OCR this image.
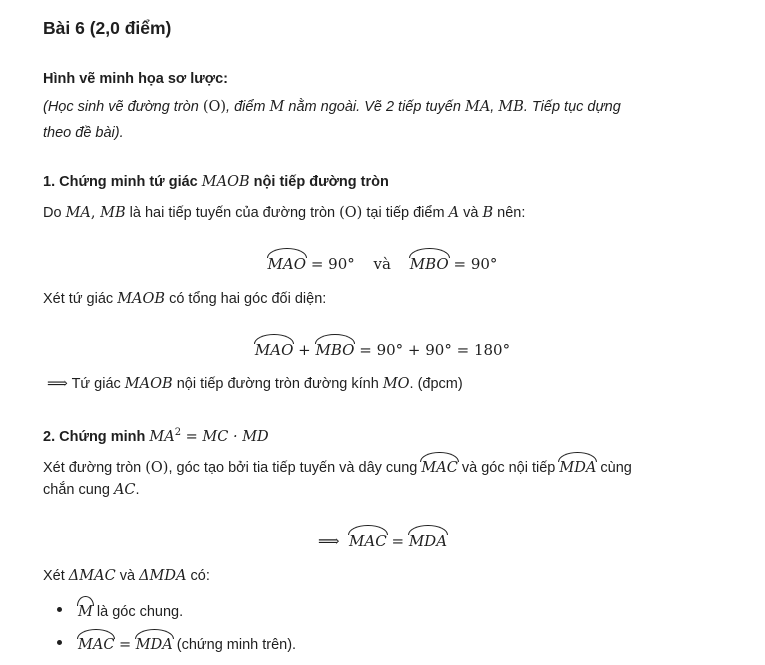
Bài 6 (2,0 điểm)
Hình vẽ minh họa sơ lược:
(Học sinh vẽ đường tròn (O), điểm M nằm ngoài. Vẽ 2 tiếp tuyến MA, MB. Tiếp tục dựng
theo đề bài).
1. Chứng minh tứ giác MAOB nội tiếp đường tròn
Do MA, MB là hai tiếp tuyến của đường tròn (O) tại tiếp điểm A và B nên:
MAO = 90° và MBO = 90°
Xét tứ giác MAOB có tổng hai góc đối diện:
MAO + MBO = 90° + 90° = 180°
⟹ Tứ giác MAOB nội tiếp đường tròn đường kính MO. (đpcm)
2. Chứng minh $MA^2$ = MC · MD
Xét đường tròn (O), góc tạo bởi tia tiếp tuyến và dây cung MAC và góc nội tiếp MDA cùng
chắn cung AC.
⟹ MAC = MDA
Xét ΔMAC và ΔMDA có:
M là góc chung.
MAC = MDA (chứng minh trên).
